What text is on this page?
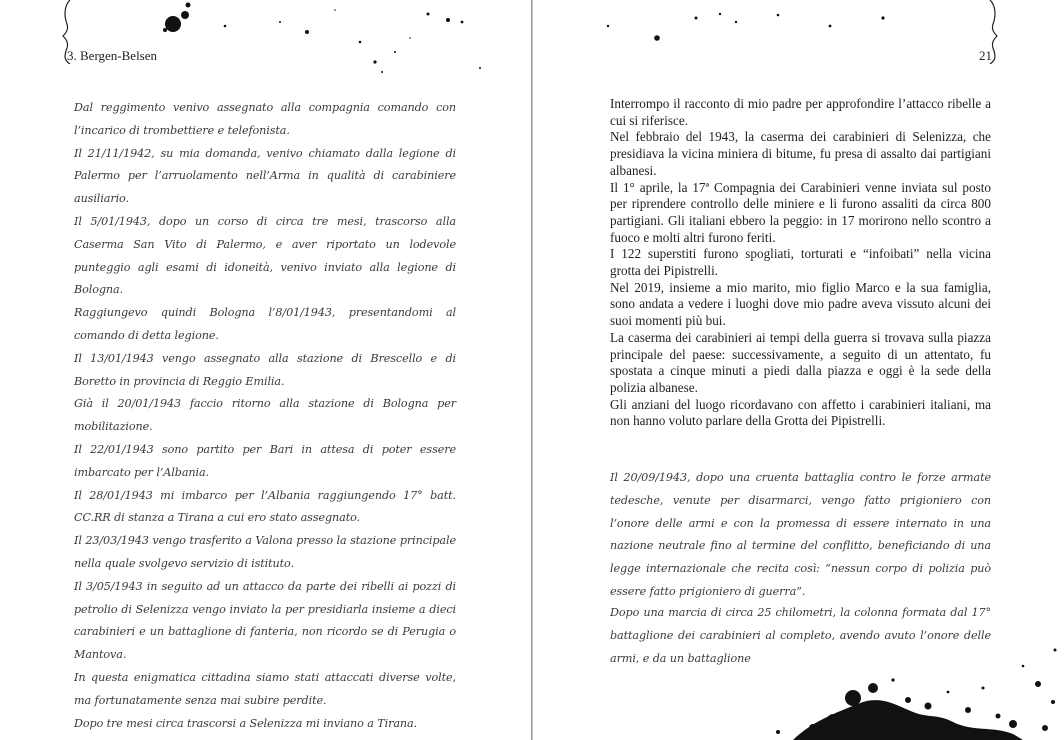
3. Bergen-Belsen

Dal reggimento venivo assegnato alla compagnia comando con l’incarico di trombettiere e telefonista.

Il 21/11/1942, su mia domanda, venivo chiamato dalla legione di Palermo per l’arruolamento nell’Arma in qualità di carabiniere ausiliario.

Il 5/01/1943, dopo un corso di circa tre mesi, trascorso alla Caserma San Vito di Palermo, e aver riportato un lodevole punteggio agli esami di idoneità, venivo inviato alla legione di Bologna.

Raggiungevo quindi Bologna l’8/01/1943, presentandomi al comando di detta legione.

Il 13/01/1943 vengo assegnato alla stazione di Brescello e di Boretto in provincia di Reggio Emilia.

Già il 20/01/1943 faccio ritorno alla stazione di Bologna per mobilitazione.

Il 22/01/1943 sono partito per Bari in attesa di poter essere imbarcato per l’Albania.

Il 28/01/1943 mi imbarco per l’Albania raggiungendo 17° batt. CC.RR di stanza a Tirana a cui ero stato assegnato.

Il 23/03/1943 vengo trasferito a Valona presso la stazione principale nella quale svolgevo servizio di istituto.

Il 3/05/1943 in seguito ad un attacco da parte dei ribelli ai pozzi di petrolio di Selenizza vengo inviato la per presidiarla insieme a dieci carabinieri e un battaglione di fanteria, non ricordo se di Perugia o Mantova.

In questa enigmatica cittadina siamo stati attaccati diverse volte, ma fortunatamente senza mai subire perdite.

Dopo tre mesi circa trascorsi a Selenizza mi inviano a Tirana.

21

Interrompo il racconto di mio padre per approfondire l’attacco ribelle a cui si riferisce.

Nel febbraio del 1943, la caserma dei carabinieri di Selenizza, che presidiava la vicina miniera di bitume, fu presa di assalto dai partigiani albanesi.

Il 1° aprile, la 17ª Compagnia dei Carabinieri venne inviata sul posto per riprendere controllo delle miniere e li furono assaliti da circa 800 partigiani. Gli italiani ebbero la peggio: in 17 morirono nello scontro a fuoco e molti altri furono feriti.

I 122 superstiti furono spogliati, torturati e “infoibati” nella vicina grotta dei Pipistrelli.

Nel 2019, insieme a mio marito, mio figlio Marco e la sua famiglia, sono andata a vedere i luoghi dove mio padre aveva vissuto alcuni dei suoi momenti più bui.

La caserma dei carabinieri ai tempi della guerra si trovava sulla piazza principale del paese: successivamente, a seguito di un attentato, fu spostata a cinque minuti a piedi dalla piazza e oggi è la sede della polizia albanese.

Gli anziani del luogo ricordavano con affetto i carabinieri italiani, ma non hanno voluto parlare della Grotta dei Pipistrelli.

Il 20/09/1943, dopo una cruenta battaglia contro le forze armate tedesche, venute per disarmarci, vengo fatto prigioniero con l’onore delle armi e con la promessa di essere internato in una nazione neutrale fino al termine del conflitto, beneficiando di una legge internazionale che recita così: “nessun corpo di polizia può essere fatto prigioniero di guerra”.

Dopo una marcia di circa 25 chilometri, la colonna formata dal 17° battaglione dei carabinieri al completo, avendo avuto l’onore delle armi, e da un battaglione
